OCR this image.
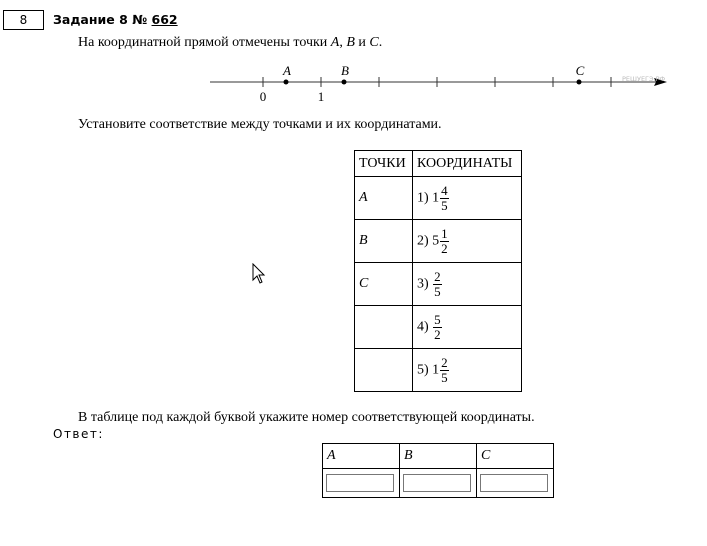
8	Задание 8 № 662
На координатной прямой отмечены точки A, B и C.
A	B	C
0	1
РЕШУЕГЭ.РФ
Установите соответствие между точками и их координатами.
ТОЧКИ	КООРДИНАТЫ
A	1) $1 \frac{4}{5}$

B	2) $5 \frac{1}{2}$

C	$3) \frac{2}{5}$

	$4) \frac{5}{2}$

	5) $1 \frac{2}{5}$
В таблице под каждой буквой укажите номер соответствующей координаты.
Ответ:
A	B	C
